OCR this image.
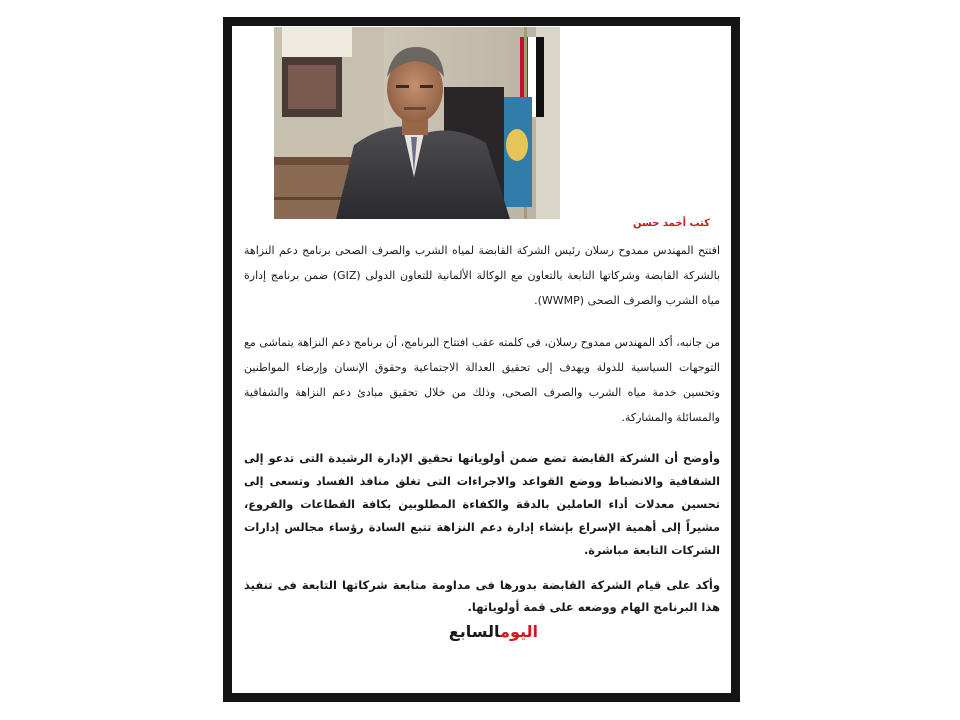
كتب أحمد حسن
افتتح المهندس ممدوح رسلان رئيس الشركة القابضة لمياه الشرب والصرف الصحى برنامج دعم النزاهة بالشركة القابضة وشركاتها التابعة بالتعاون مع الوكالة الألمانية للتعاون الدولى (GIZ) ضمن برنامج إدارة مياه الشرب والصرف الصحى (WWMP).
من جانبه، أكد المهندس ممدوح رسلان، فى كلمته عقب افتتاح البرنامج، أن برنامج دعم النزاهة يتماشى مع التوجهات السياسية للدولة ويهدف إلى تحقيق العدالة الاجتماعية وحقوق الإنسان وإرضاء المواطنين وتحسين خدمة مياه الشرب والصرف الصحى، وذلك من خلال تحقيق مبادئ دعم النزاهة والشفافية والمسائلة والمشاركة.
وأوضح أن الشركة القابضة تضع ضمن أولوياتها تحقيق الإدارة الرشيدة التى تدعو إلى الشفافية والانضباط ووضع القواعد والاجراءات التى تغلق منافذ الفساد وتسعى إلى تحسين معدلات أداء العاملين بالدقة والكفاءة المطلوبين بكافة القطاعات والفروع، مشيراً إلى أهمية الإسراع بإنشاء إدارة دعم النزاهة تتبع السادة رؤساء مجالس إدارات الشركات التابعة مباشرة.
وأكد على قيام الشركة القابضة بدورها فى مداومة متابعة شركاتها التابعة فى تنفيذ هذا البرنامج الهام ووضعه على قمة أولوياتها.
اليومالسابع
